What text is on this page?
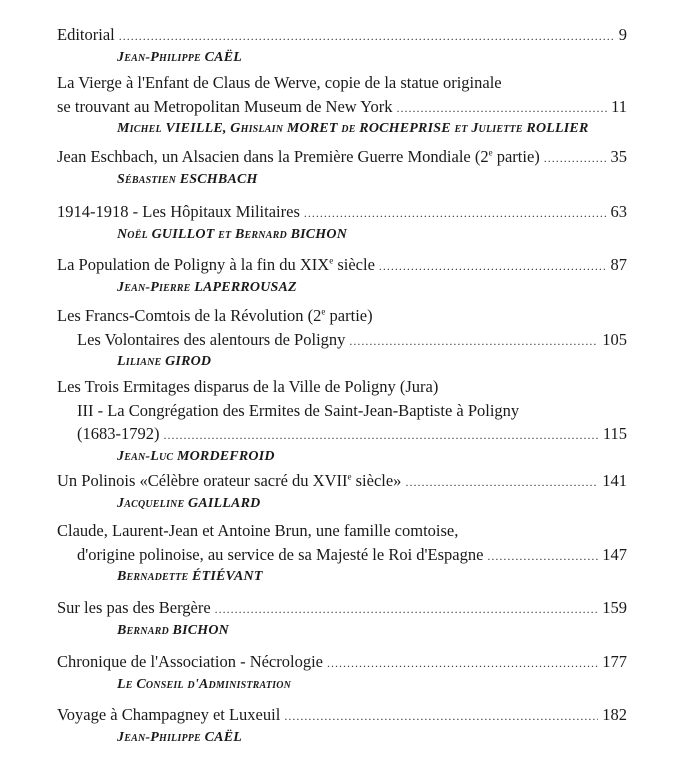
Editorial .....	9
Jean-Philippe CAËL
La Vierge à l'Enfant de Claus de Werve, copie de la statue originale
se trouvant au Metropolitan Museum de New York .....	11
Michel VIEILLE, Ghislain MORET de ROCHEPRISE et Juliette ROLLIER
Jean Eschbach, un Alsacien dans la Première Guerre Mondiale (2e partie) .....	35
Sébastien ESCHBACH
1914-1918 - Les Hôpitaux Militaires .....	63
Noël GUILLOT et Bernard BICHON
La Population de Poligny à la fin du XIXe siècle .....	87
Jean-Pierre LAPERROUSAZ
Les Francs-Comtois de la Révolution (2e partie)
Les Volontaires des alentours de Poligny .....	105
Liliane GIROD
Les Trois Ermitages disparus de la Ville de Poligny (Jura)
III - La Congrégation des Ermites de Saint-Jean-Baptiste à Poligny
(1683-1792) .....	115
Jean-Luc MORDEFROID
Un Polinois «Célèbre orateur sacré du XVIIe siècle» .....	141
Jacqueline GAILLARD
Claude, Laurent-Jean et Antoine Brun, une famille comtoise,
d'origine polinoise, au service de sa Majesté le Roi d'Espagne .....	147
Bernadette ÉTIÉVANT
Sur les pas des Bergère .....	159
Bernard BICHON
Chronique de l'Association - Nécrologie .....	177
Le Conseil d'Administration
Voyage à Champagney et Luxeuil .....	182
Jean-Philippe CAËL
